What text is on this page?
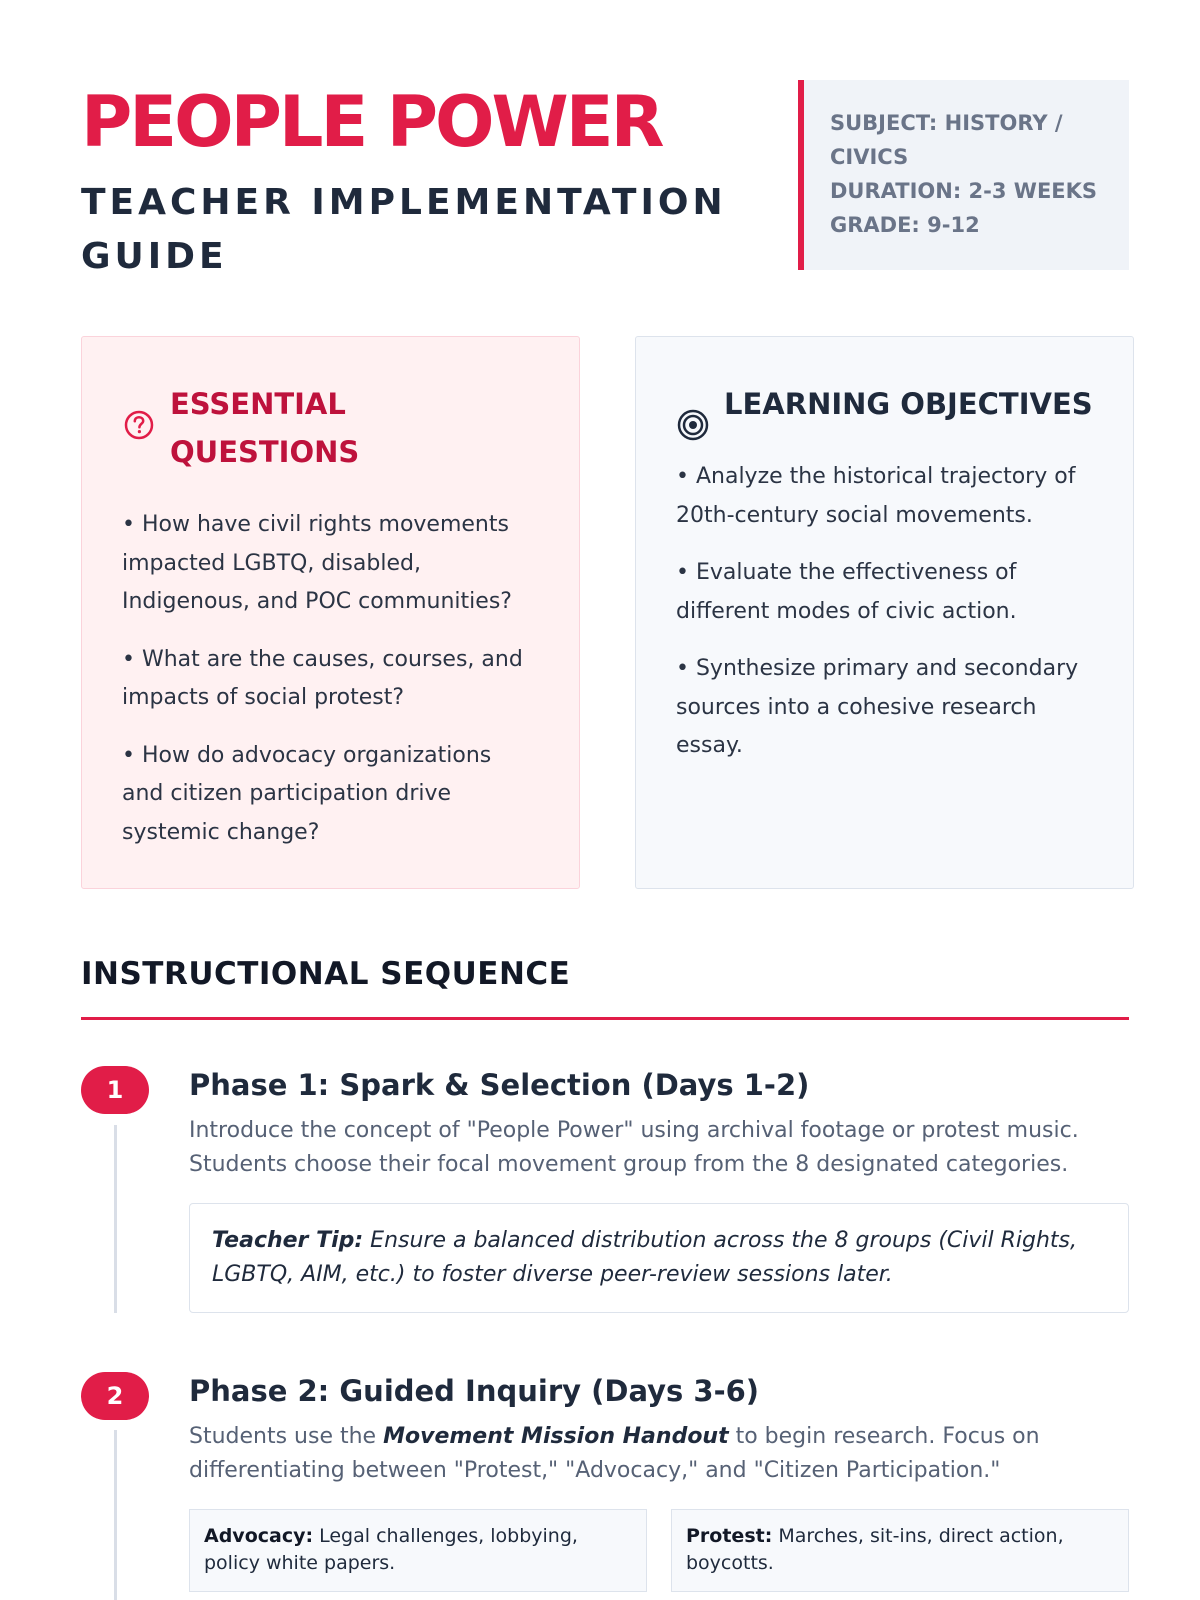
PEOPLE POWER
TEACHER IMPLEMENTATION GUIDE
SUBJECT: HISTORY / CIVICS
DURATION: 2-3 WEEKS
GRADE: 9-12
ESSENTIAL QUESTIONS
• How have civil rights movements impacted LGBTQ, disabled, Indigenous, and POC communities?
• What are the causes, courses, and impacts of social protest?
• How do advocacy organizations and citizen participation drive systemic change?
LEARNING OBJECTIVES
• Analyze the historical trajectory of 20th-century social movements.
• Evaluate the effectiveness of different modes of civic action.
• Synthesize primary and secondary sources into a cohesive research essay.
INSTRUCTIONAL SEQUENCE
1	Phase 1: Spark & Selection (Days 1-2)
Introduce the concept of "People Power" using archival footage or protest music. Students choose their focal movement group from the 8 designated categories.
Teacher Tip: Ensure a balanced distribution across the 8 groups (Civil Rights, LGBTQ, AIM, etc.) to foster diverse peer-review sessions later.
2	Phase 2: Guided Inquiry (Days 3-6)
Students use the Movement Mission Handout to begin research. Focus on differentiating between "Protest," "Advocacy," and "Citizen Participation."
Advocacy: Legal challenges, lobbying, policy white papers.
Protest: Marches, sit-ins, direct action, boycotts.
